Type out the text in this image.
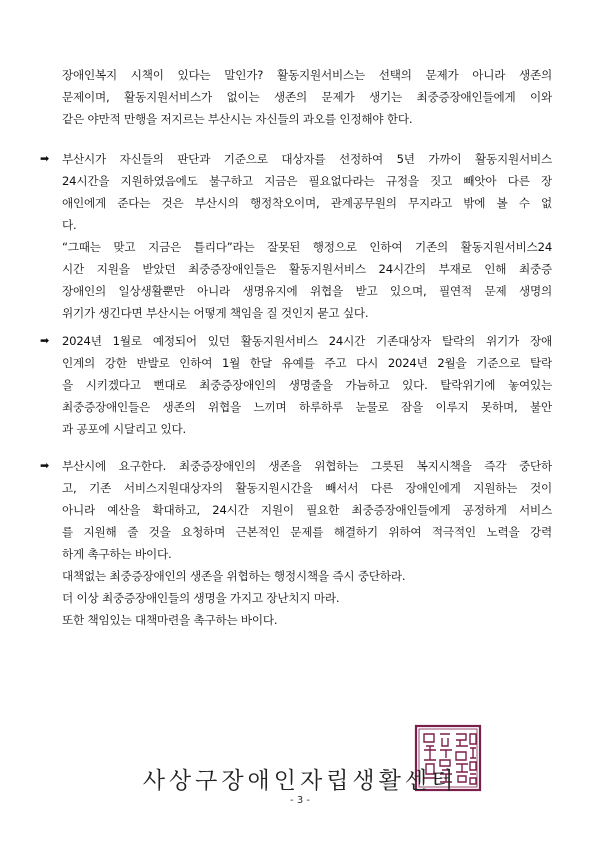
장애인복지 시책이 있다는 말인가? 활동지원서비스는 선택의 문제가 아니라 생존의
문제이며, 활동지원서비스가 없이는 생존의 문제가 생기는 최중증장애인들에게 이와
같은 야만적 만행을 저지르는 부산시는 자신들의 과오를 인정해야 한다.
➡ 부산시가 자신들의 판단과 기준으로 대상자를 선정하여 5년 가까이 활동지원서비스
24시간을 지원하였음에도 불구하고 지금은 필요없다라는 규정을 짓고 빼앗아 다른 장
애인에게 준다는 것은 부산시의 행정착오이며, 관계공무원의 무지라고 밖에 볼 수 없
다.
“그때는 맞고 지금은 틀리다”라는 잘못된 행정으로 인하여 기존의 활동지원서비스24
시간 지원을 받았던 최중증장애인들은 활동지원서비스 24시간의 부재로 인해 최중증
장애인의 일상생활뿐만 아니라 생명유지에 위협을 받고 있으며, 필연적 문제 생명의
위기가 생긴다면 부산시는 어떻게 책임을 질 것인지 묻고 싶다.
➡ 2024년 1월로 예정되어 있던 활동지원서비스 24시간 기존대상자 탈락의 위기가 장애
인계의 강한 반발로 인하여 1월 한달 유예를 주고 다시 2024년 2월을 기준으로 탈락
을 시키겠다고 뻔대로 최중증장애인의 생명줄을 가늠하고 있다. 탈락위기에 놓여있는
최중증장애인들은 생존의 위협을 느끼며 하루하루 눈물로 잠을 이루지 못하며, 불안
과 공포에 시달리고 있다.
➡ 부산시에 요구한다. 최중증장애인의 생존을 위협하는 그릇된 복지시책을 즉각 중단하
고, 기존 서비스지원대상자의 활동지원시간을 빼서서 다른 장애인에게 지원하는 것이
아니라 예산을 확대하고, 24시간 지원이 필요한 최중증장애인들에게 공정하게 서비스
를 지원해 줄 것을 요청하며 근본적인 문제를 해결하기 위하여 적극적인 노력을 강력
하게 촉구하는 바이다.
대책없는 최중증장애인의 생존을 위협하는 행정시책을 즉시 중단하라.
더 이상 최중증장애인들의 생명을 가지고 장난치지 마라.
또한 책임있는 대책마련을 촉구하는 바이다.
사상구장애인자립생활센터
- 3 -
